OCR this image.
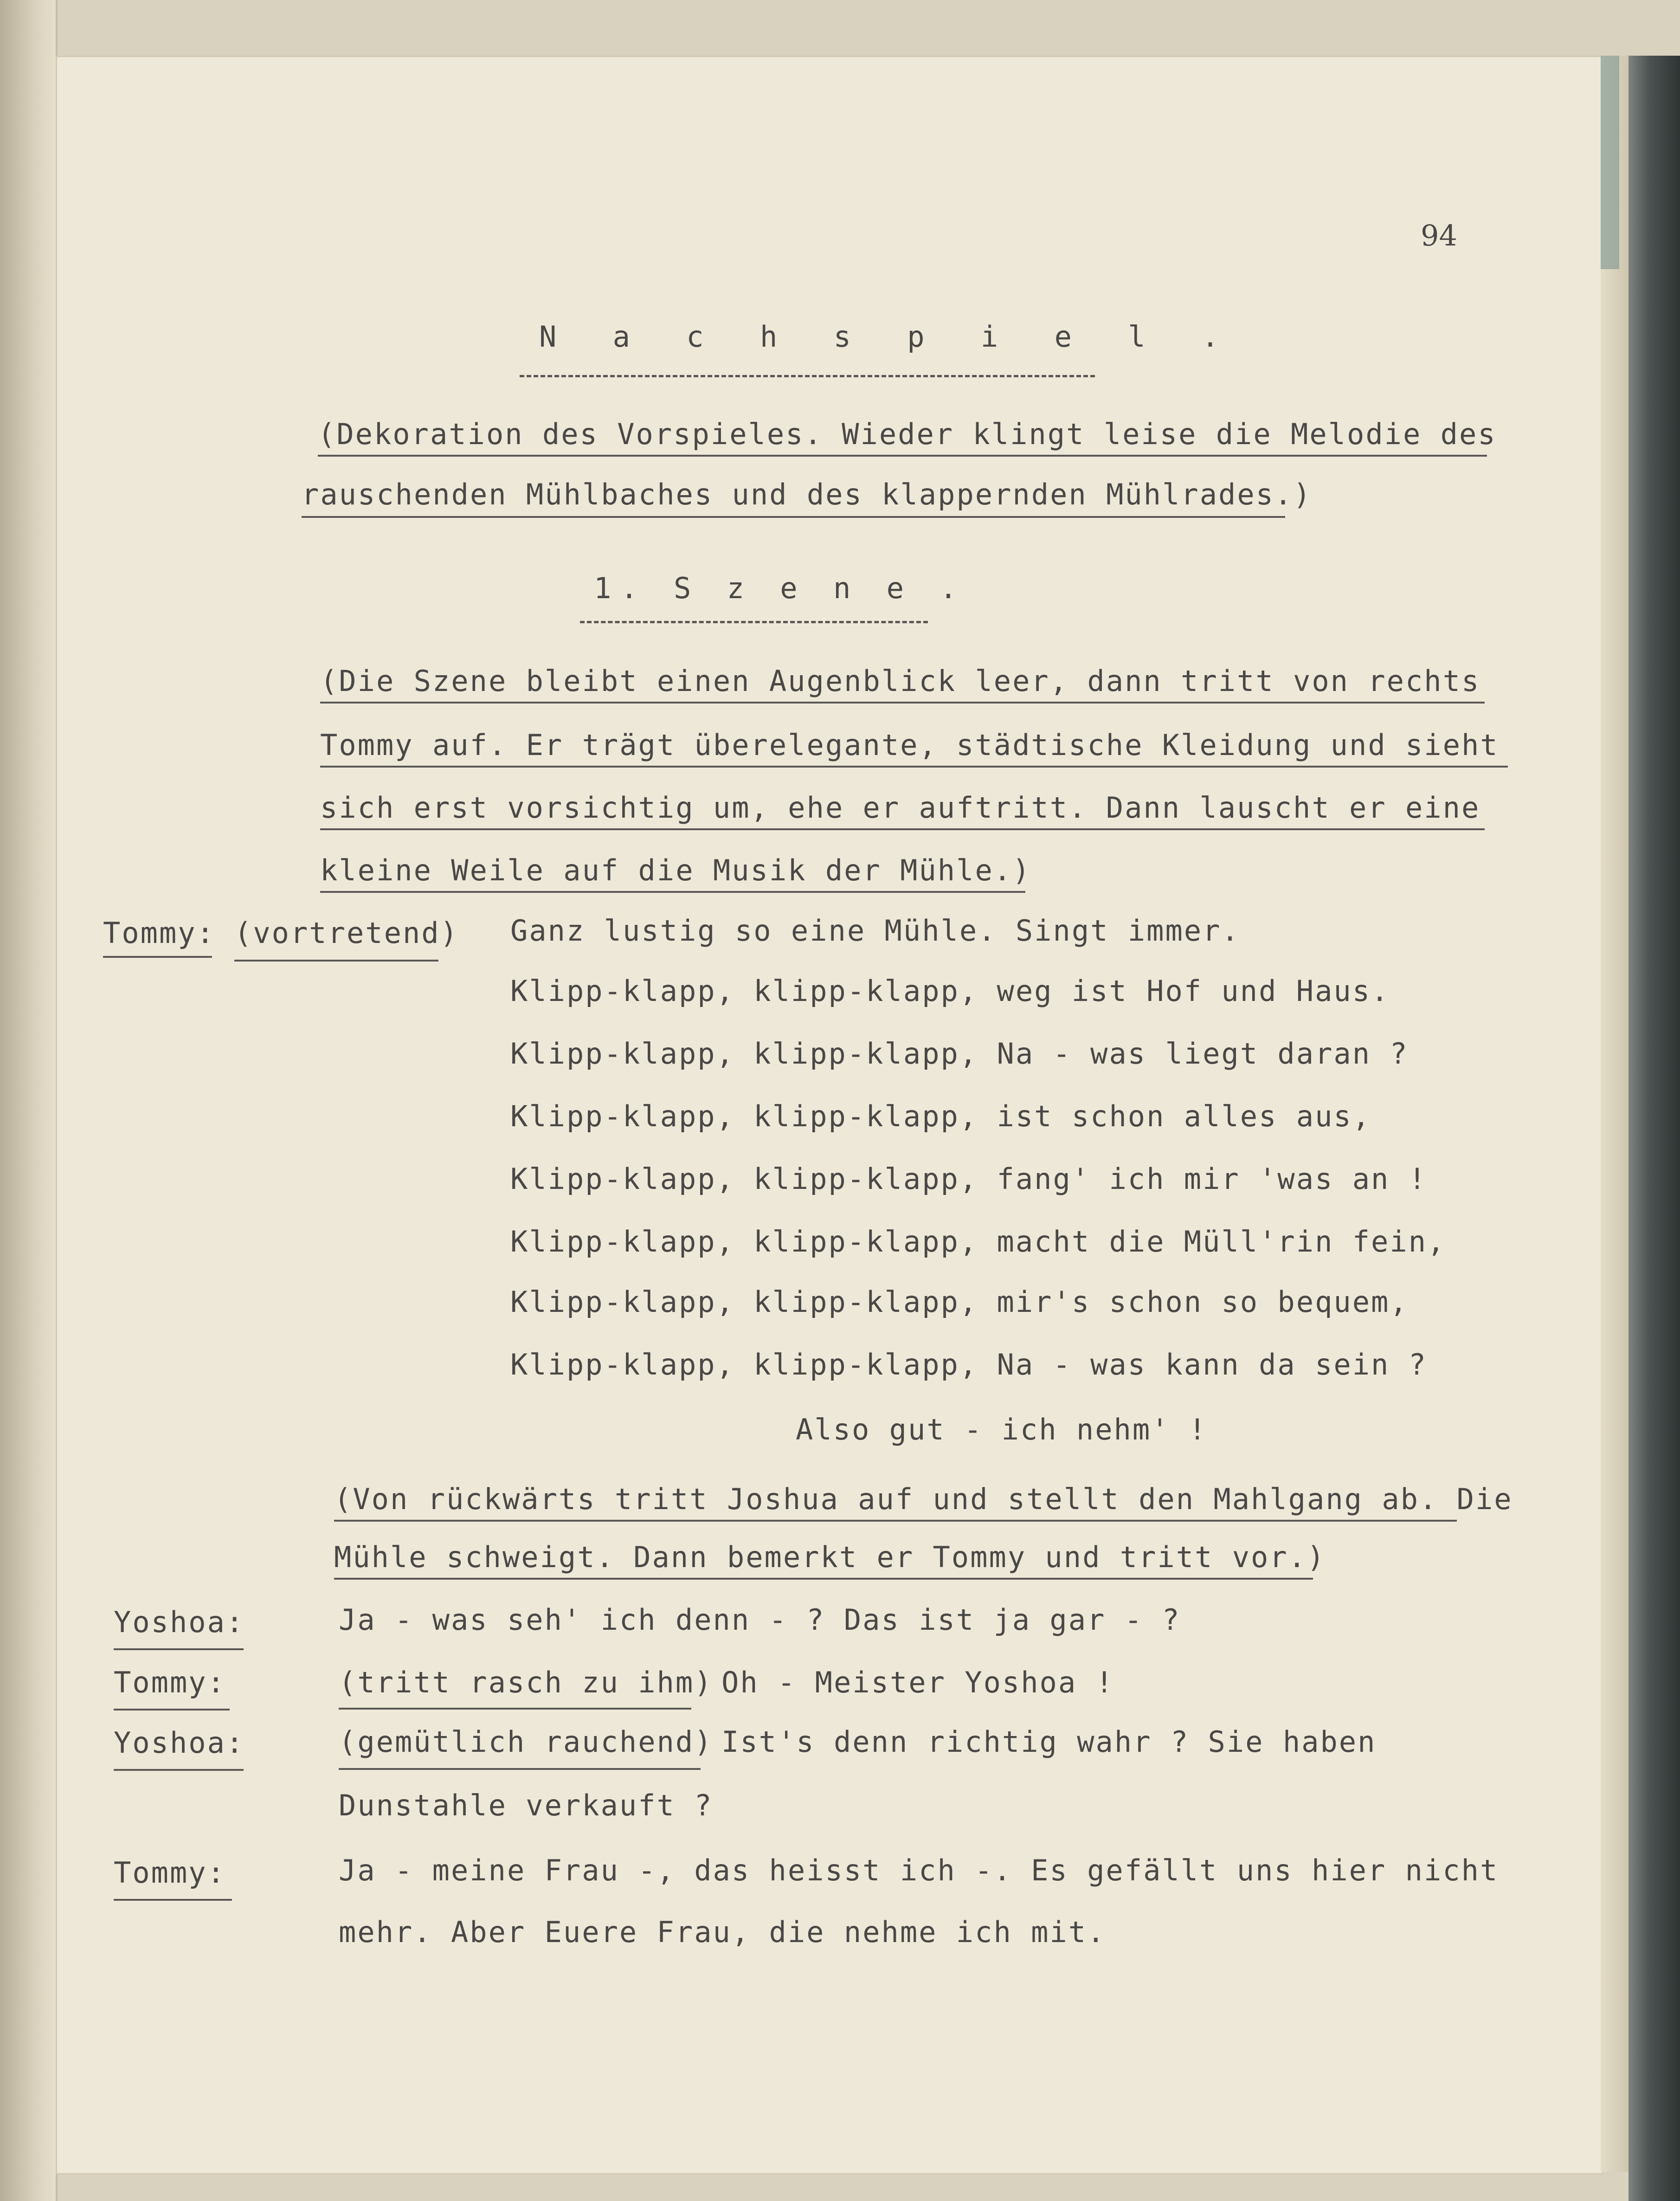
94
N a c h s p i e l .
(Dekoration des Vorspieles. Wieder klingt leise die Melodie des
rauschenden Mühlbaches und des klappernden Mühlrades.)
1. S z e n e .
(Die Szene bleibt einen Augenblick leer, dann tritt von rechts
Tommy auf. Er trägt überelegante, städtische Kleidung und sieht
sich erst vorsichtig um, ehe er auftritt. Dann lauscht er eine
kleine Weile auf die Musik der Mühle.)
Tommy: (vortretend) Ganz lustig so eine Mühle. Singt immer.
Klipp-klapp, klipp-klapp, weg ist Hof und Haus.
Klipp-klapp, klipp-klapp, Na - was liegt daran ?
Klipp-klapp, klipp-klapp, ist schon alles aus,
Klipp-klapp, klipp-klapp, fang' ich mir 'was an !
Klipp-klapp, klipp-klapp, macht die Müll'rin fein,
Klipp-klapp, klipp-klapp, mir's schon so bequem,
Klipp-klapp, klipp-klapp, Na - was kann da sein ?
Also gut - ich nehm' !
(Von rückwärts tritt Joshua auf und stellt den Mahlgang ab. Die
Mühle schweigt. Dann bemerkt er Tommy und tritt vor.)
Yoshoa:	Ja - was seh' ich denn - ? Das ist ja gar - ?
Tommy:	(tritt rasch zu ihm) Oh - Meister Yoshoa !
Yoshoa:	(gemütlich rauchend) Ist's denn richtig wahr ? Sie haben
Dunstahle verkauft ?
Tommy:	Ja - meine Frau -, das heisst ich -. Es gefällt uns hier nicht
mehr. Aber Euere Frau, die nehme ich mit.
